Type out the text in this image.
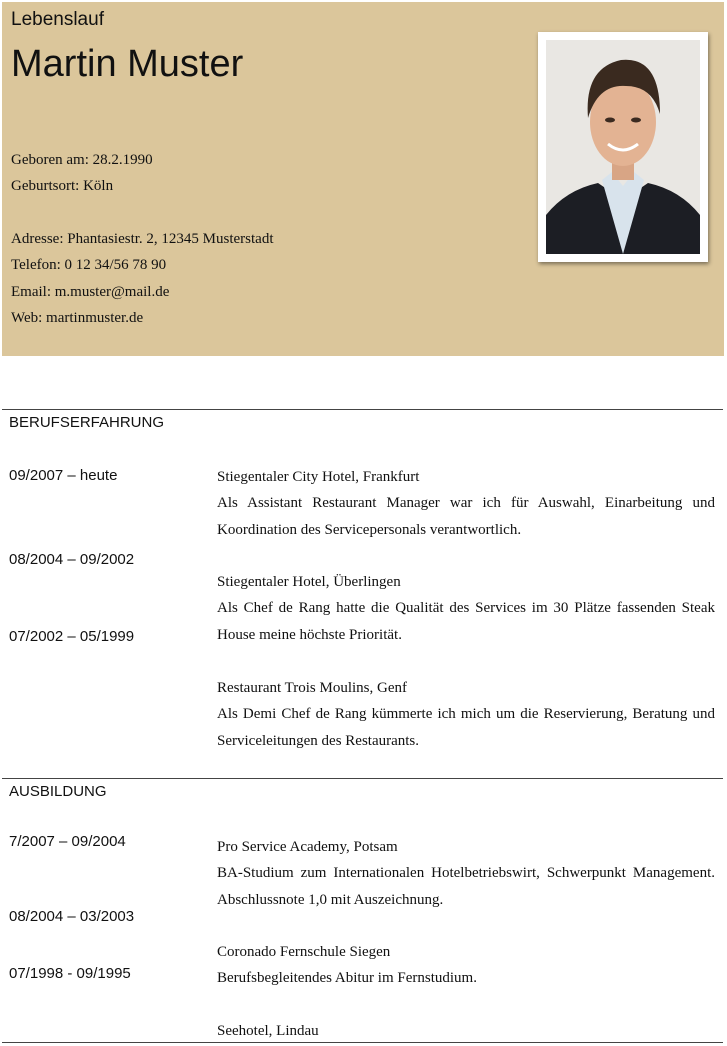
Lebenslauf
Martin Muster
Geboren am: 28.2.1990
Geburtsort: Köln
Adresse: Phantasiestr. 2, 12345 Musterstadt
Telefon: 0 12 34/56 78 90
Email: m.muster@mail.de
Web: martinmuster.de
BERUFSERFAHRUNG
09/2007 – heute
08/2004 – 09/2002
07/2002 – 05/1999
Stiegentaler City Hotel, Frankfurt

Als Assistant Restaurant Manager war ich für Auswahl, Einarbeitung und Koordination des Servicepersonals verantwortlich.

Stiegentaler Hotel, Überlingen

Als Chef de Rang hatte die Qualität des Services im 30 Plätze fassenden Steak House meine höchste Priorität.

Restaurant Trois Moulins, Genf

Als Demi Chef de Rang kümmerte ich mich um die Reservierung, Beratung und Serviceleitungen des Restaurants.

AUSBILDUNG
7/2007 – 09/2004
08/2004 – 03/2003
07/1998 - 09/1995
Pro Service Academy, Potsam

BA-Studium zum Internationalen Hotelbetriebswirt, Schwerpunkt Management. Abschlussnote 1,0 mit Auszeichnung.

Coronado Fernschule Siegen

Berufsbegleitendes Abitur im Fernstudium.

Seehotel, Lindau
